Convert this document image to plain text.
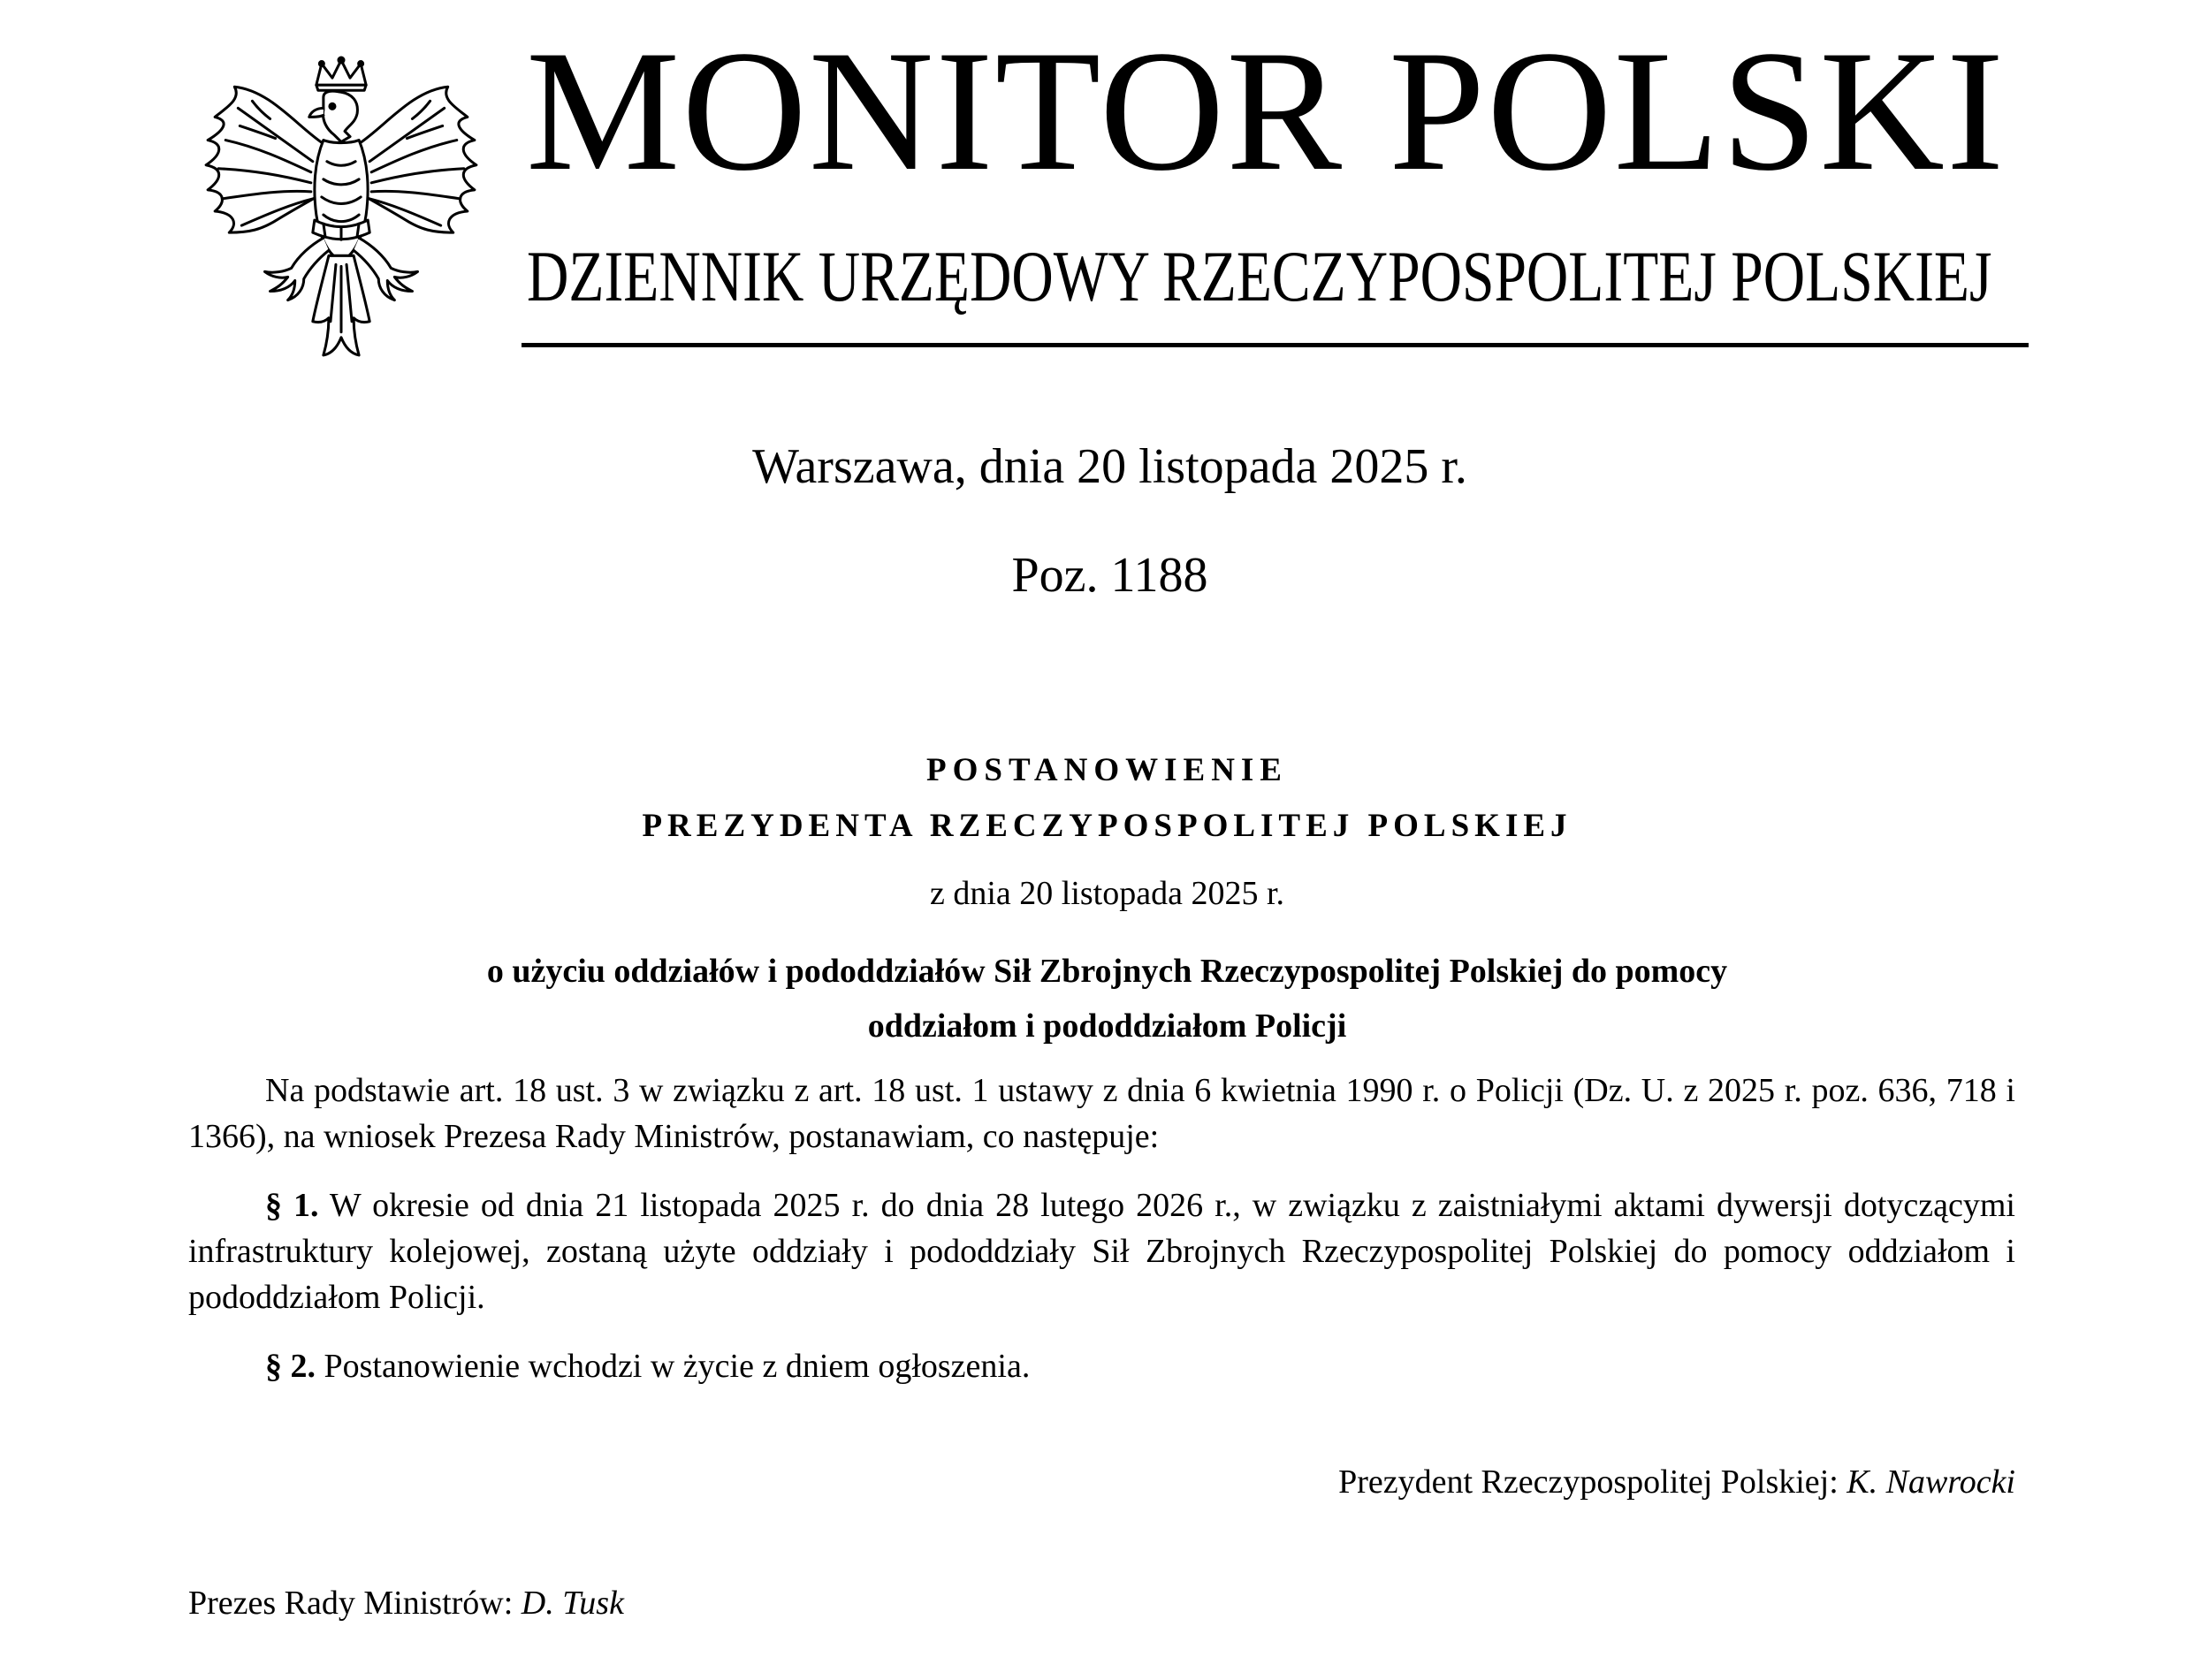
MONITOR POLSKI
DZIENNIK URZĘDOWY RZECZYPOSPOLITEJ POLSKIEJ
Warszawa, dnia 20 listopada 2025 r.
Poz. 1188
POSTANOWIENIE
PREZYDENTA RZECZYPOSPOLITEJ POLSKIEJ
z dnia 20 listopada 2025 r.
o użyciu oddziałów i pododdziałów Sił Zbrojnych Rzeczypospolitej Polskiej do pomocy
oddziałom i pododdziałom Policji

Na podstawie art. 18 ust. 3 w związku z art. 18 ust. 1 ustawy z dnia 6 kwietnia 1990 r. o Policji (Dz. U. z 2025 r. poz. 636, 718 i 1366), na wniosek Prezesa Rady Ministrów, postanawiam, co następuje:

§ 1. W okresie od dnia 21 listopada 2025 r. do dnia 28 lutego 2026 r., w związku z zaistniałymi aktami dywersji dotyczącymi infrastruktury kolejowej, zostaną użyte oddziały i pododdziały Sił Zbrojnych Rzeczypospolitej Polskiej do pomocy oddziałom i pododdziałom Policji.

§ 2. Postanowienie wchodzi w życie z dniem ogłoszenia.

Prezydent Rzeczypospolitej Polskiej: K. Nawrocki
Prezes Rady Ministrów: D. Tusk
